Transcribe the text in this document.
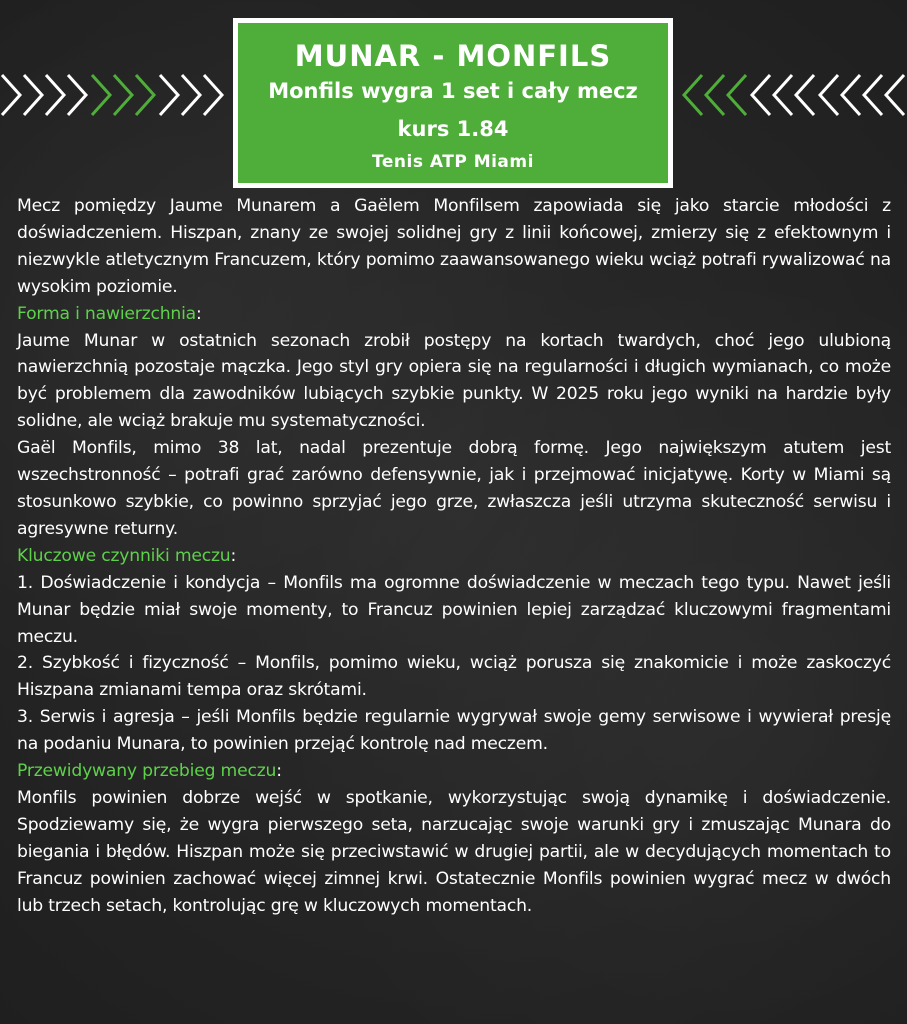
MUNAR - MONFILS
Monfils wygra 1 set i cały mecz
kurs 1.84
Tenis ATP Miami

Mecz pomiędzy Jaume Munarem a Gaëlem Monfilsem zapowiada się jako starcie młodości z doświadczeniem. Hiszpan, znany ze swojej solidnej gry z linii końcowej, zmierzy się z efektownym i niezwykle atletycznym Francuzem, który pomimo zaawansowanego wieku wciąż potrafi rywalizować na wysokim poziomie.

Forma i nawierzchnia:

Jaume Munar w ostatnich sezonach zrobił postępy na kortach twardych, choć jego ulubioną nawierzchnią pozostaje mączka. Jego styl gry opiera się na regularności i długich wymianach, co może być problemem dla zawodników lubiących szybkie punkty. W 2025 roku jego wyniki na hardzie były solidne, ale wciąż brakuje mu systematyczności.

Gaël Monfils, mimo 38 lat, nadal prezentuje dobrą formę. Jego największym atutem jest wszechstronność – potrafi grać zarówno defensywnie, jak i przejmować inicjatywę. Korty w Miami są stosunkowo szybkie, co powinno sprzyjać jego grze, zwłaszcza jeśli utrzyma skuteczność serwisu i agresywne returny.

Kluczowe czynniki meczu:

1. Doświadczenie i kondycja – Monfils ma ogromne doświadczenie w meczach tego typu. Nawet jeśli Munar będzie miał swoje momenty, to Francuz powinien lepiej zarządzać kluczowymi fragmentami meczu.

2. Szybkość i fizyczność – Monfils, pomimo wieku, wciąż porusza się znakomicie i może zaskoczyć Hiszpana zmianami tempa oraz skrótami.

3. Serwis i agresja – jeśli Monfils będzie regularnie wygrywał swoje gemy serwisowe i wywierał presję na podaniu Munara, to powinien przejąć kontrolę nad meczem.

Przewidywany przebieg meczu:

Monfils powinien dobrze wejść w spotkanie, wykorzystując swoją dynamikę i doświadczenie. Spodziewamy się, że wygra pierwszego seta, narzucając swoje warunki gry i zmuszając Munara do biegania i błędów. Hiszpan może się przeciwstawić w drugiej partii, ale w decydujących momentach to Francuz powinien zachować więcej zimnej krwi. Ostatecznie Monfils powinien wygrać mecz w dwóch lub trzech setach, kontrolując grę w kluczowych momentach.
